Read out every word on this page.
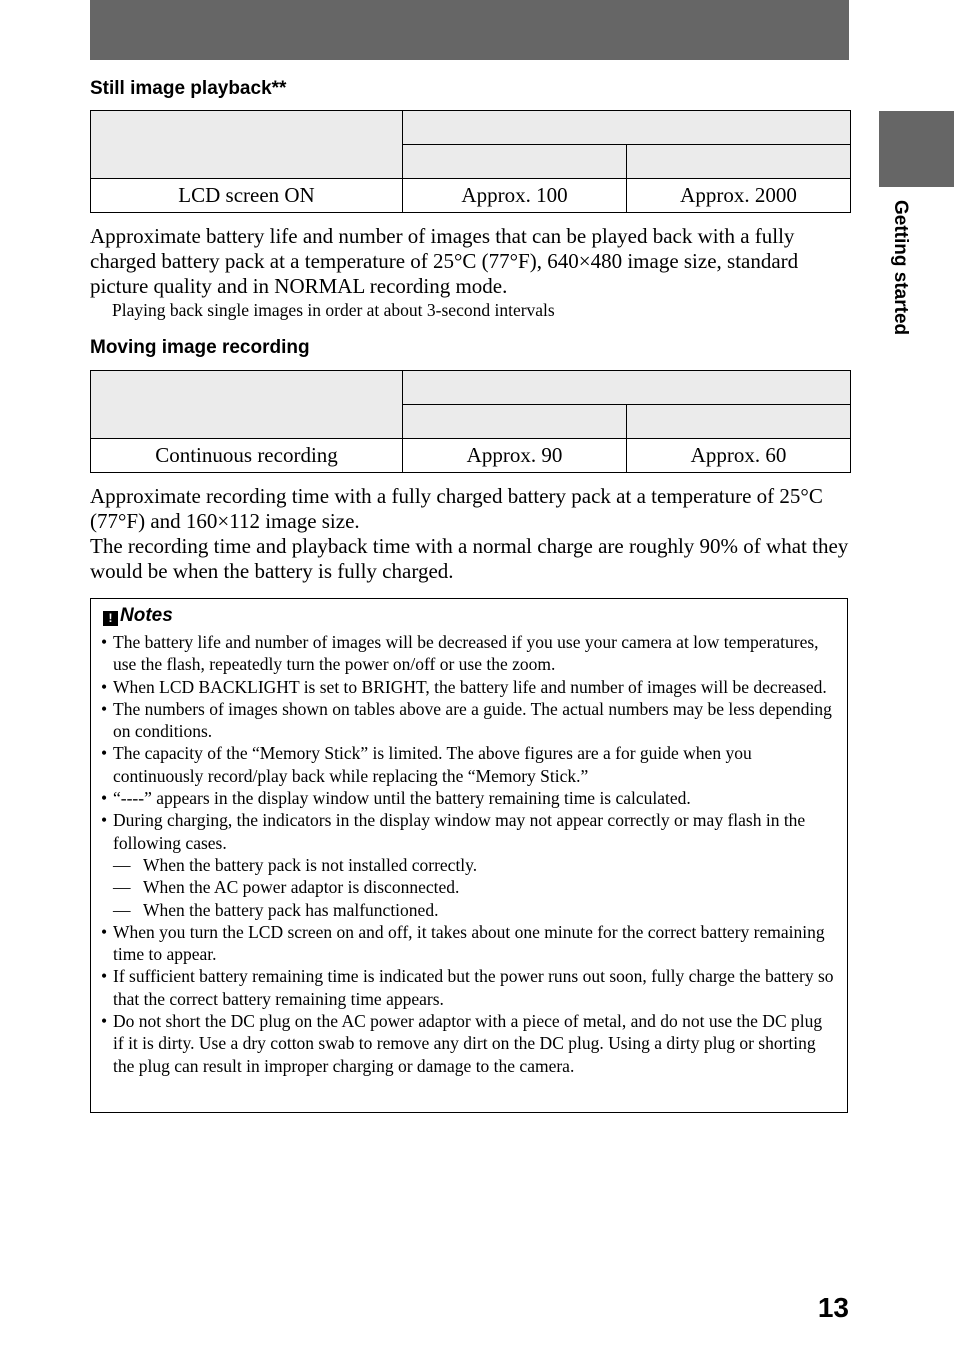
Getting started
Still image playback**

LCD screen ON	Approx. 100	Approx. 2000

Approximate battery life and number of images that can be played back with a fully charged battery pack at a temperature of 25°C (77°F), 640×480 image size, standard picture quality and in NORMAL recording mode.

Playing back single images in order at about 3-second intervals

Moving image recording

Continuous recording	Approx. 90	Approx. 60

Approximate recording time with a fully charged battery pack at a temperature of 25°C (77°F) and 160×112 image size.

The recording time and playback time with a normal charge are roughly 90% of what they would be when the battery is fully charged.

! Notes
• The battery life and number of images will be decreased if you use your camera at low temperatures, use the flash, repeatedly turn the power on/off or use the zoom.
• When LCD BACKLIGHT is set to BRIGHT, the battery life and number of images will be decreased.
• The numbers of images shown on tables above are a guide. The actual numbers may be less depending on conditions.
• The capacity of the “Memory Stick” is limited. The above figures are a for guide when you continuously record/play back while replacing the “Memory Stick.”
• “----” appears in the display window until the battery remaining time is calculated.
• During charging, the indicators in the display window may not appear correctly or may flash in the following cases.
— When the battery pack is not installed correctly.
— When the AC power adaptor is disconnected.
— When the battery pack has malfunctioned.
• When you turn the LCD screen on and off, it takes about one minute for the correct battery remaining time to appear.
• If sufficient battery remaining time is indicated but the power runs out soon, fully charge the battery so that the correct battery remaining time appears.
• Do not short the DC plug on the AC power adaptor with a piece of metal, and do not use the DC plug if it is dirty. Use a dry cotton swab to remove any dirt on the DC plug. Using a dirty plug or shorting the plug can result in improper charging or damage to the camera.
13
